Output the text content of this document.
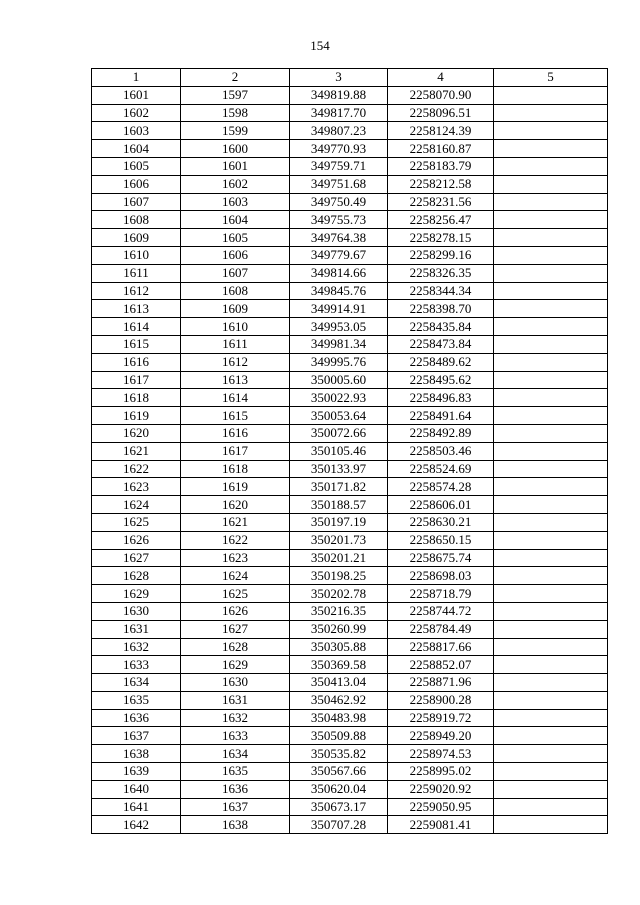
154
1	2	3	4	5
1601	1597	349819.88	2258070.90	
1602	1598	349817.70	2258096.51	
1603	1599	349807.23	2258124.39	
1604	1600	349770.93	2258160.87	
1605	1601	349759.71	2258183.79	
1606	1602	349751.68	2258212.58	
1607	1603	349750.49	2258231.56	
1608	1604	349755.73	2258256.47	
1609	1605	349764.38	2258278.15	
1610	1606	349779.67	2258299.16	
1611	1607	349814.66	2258326.35	
1612	1608	349845.76	2258344.34	
1613	1609	349914.91	2258398.70	
1614	1610	349953.05	2258435.84	
1615	1611	349981.34	2258473.84	
1616	1612	349995.76	2258489.62	
1617	1613	350005.60	2258495.62	
1618	1614	350022.93	2258496.83	
1619	1615	350053.64	2258491.64	
1620	1616	350072.66	2258492.89	
1621	1617	350105.46	2258503.46	
1622	1618	350133.97	2258524.69	
1623	1619	350171.82	2258574.28	
1624	1620	350188.57	2258606.01	
1625	1621	350197.19	2258630.21	
1626	1622	350201.73	2258650.15	
1627	1623	350201.21	2258675.74	
1628	1624	350198.25	2258698.03	
1629	1625	350202.78	2258718.79	
1630	1626	350216.35	2258744.72	
1631	1627	350260.99	2258784.49	
1632	1628	350305.88	2258817.66	
1633	1629	350369.58	2258852.07	
1634	1630	350413.04	2258871.96	
1635	1631	350462.92	2258900.28	
1636	1632	350483.98	2258919.72	
1637	1633	350509.88	2258949.20	
1638	1634	350535.82	2258974.53	
1639	1635	350567.66	2258995.02	
1640	1636	350620.04	2259020.92	
1641	1637	350673.17	2259050.95	
1642	1638	350707.28	2259081.41	
